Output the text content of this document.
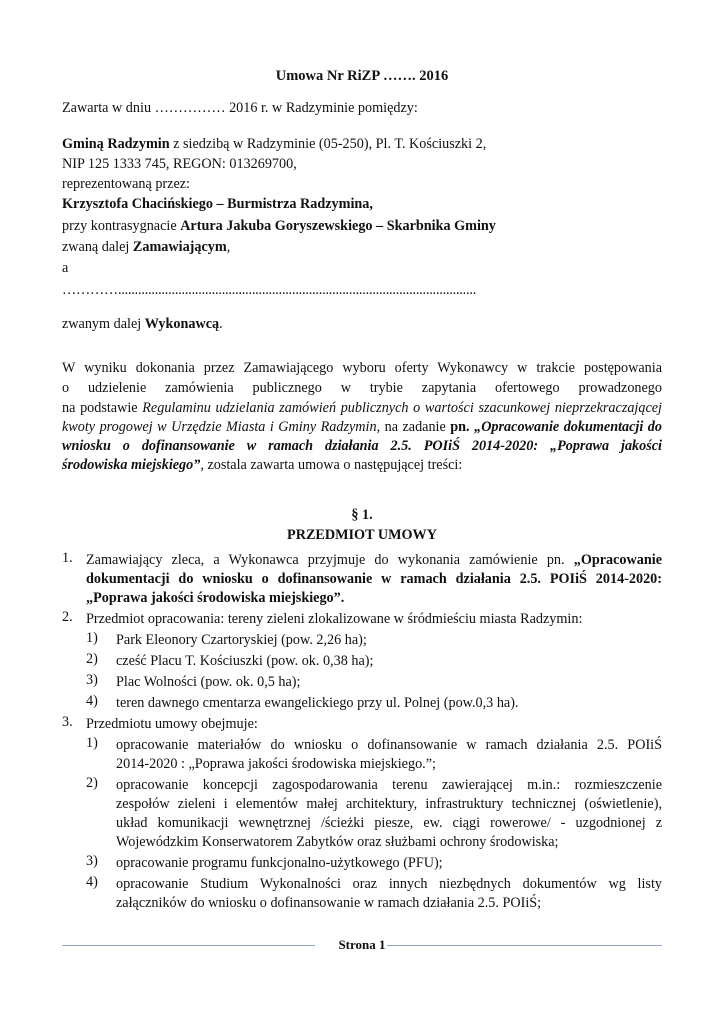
Umowa Nr RiZP ……. 2016
Zawarta w dniu …………… 2016 r. w Radzyminie pomiędzy:
Gminą Radzymin z siedzibą w Radzyminie (05-250), Pl. T. Kościuszki 2,
NIP 125 1333 745, REGON: 013269700,
reprezentowaną przez:
Krzysztofa Chacińskiego – Burmistrza Radzymina,
przy kontrasygnacie Artura Jakuba Goryszewskiego – Skarbnika Gminy
zwaną dalej Zamawiającym,
a
…………...........................................................................................................
zwanym dalej Wykonawcą.
W wyniku dokonania przez Zamawiającego wyboru oferty Wykonawcy w trakcie postępowania
o udzielenie zamówienia publicznego w trybie zapytania ofertowego prowadzonego
na podstawie Regulaminu udzielania zamówień publicznych o wartości szacunkowej nieprzekraczającej
kwoty progowej w Urzędzie Miasta i Gminy Radzymin, na zadanie pn. „Opracowanie dokumentacji do
wniosku o dofinansowanie w ramach działania 2.5. POIiŚ 2014-2020: „Poprawa jakości
środowiska miejskiego”, zostala zawarta umowa o następującej treści:
§ 1.
PRZEDMIOT UMOWY
1. Zamawiający zleca, a Wykonawca przyjmuje do wykonania zamówienie pn. „Opracowanie
dokumentacji do wniosku o dofinansowanie w ramach działania 2.5. POIiŚ 2014-2020:
„Poprawa jakości środowiska miejskiego”.
2. Przedmiot opracowania: tereny zieleni zlokalizowane w śródmieściu miasta Radzymin:
1) Park Eleonory Czartoryskiej (pow. 2,26 ha);
2) cześć Placu T. Kościuszki (pow. ok. 0,38 ha);
3) Plac Wolności (pow. ok. 0,5 ha);
4) teren dawnego cmentarza ewangelickiego przy ul. Polnej (pow.0,3 ha).
3. Przedmiotu umowy obejmuje:
1) opracowanie materiałów do wniosku o dofinansowanie w ramach działania 2.5. POIiŚ
2014-2020 : „Poprawa jakości środowiska miejskiego.”;
2) opracowanie koncepcji zagospodarowania terenu zawierającej m.in.: rozmieszczenie
zespołów zieleni i elementów małej architektury, infrastruktury technicznej (oświetlenie),
układ komunikacji wewnętrznej /ścieżki piesze, ew. ciągi rowerowe/ - uzgodnionej z
Wojewódzkim Konserwatorem Zabytków oraz służbami ochrony środowiska;
3) opracowanie programu funkcjonalno-użytkowego (PFU);
4) opracowanie Studium Wykonalności oraz innych niezbędnych dokumentów wg listy
załączników do wniosku o dofinansowanie w ramach działania 2.5. POIiŚ;
Strona 1
